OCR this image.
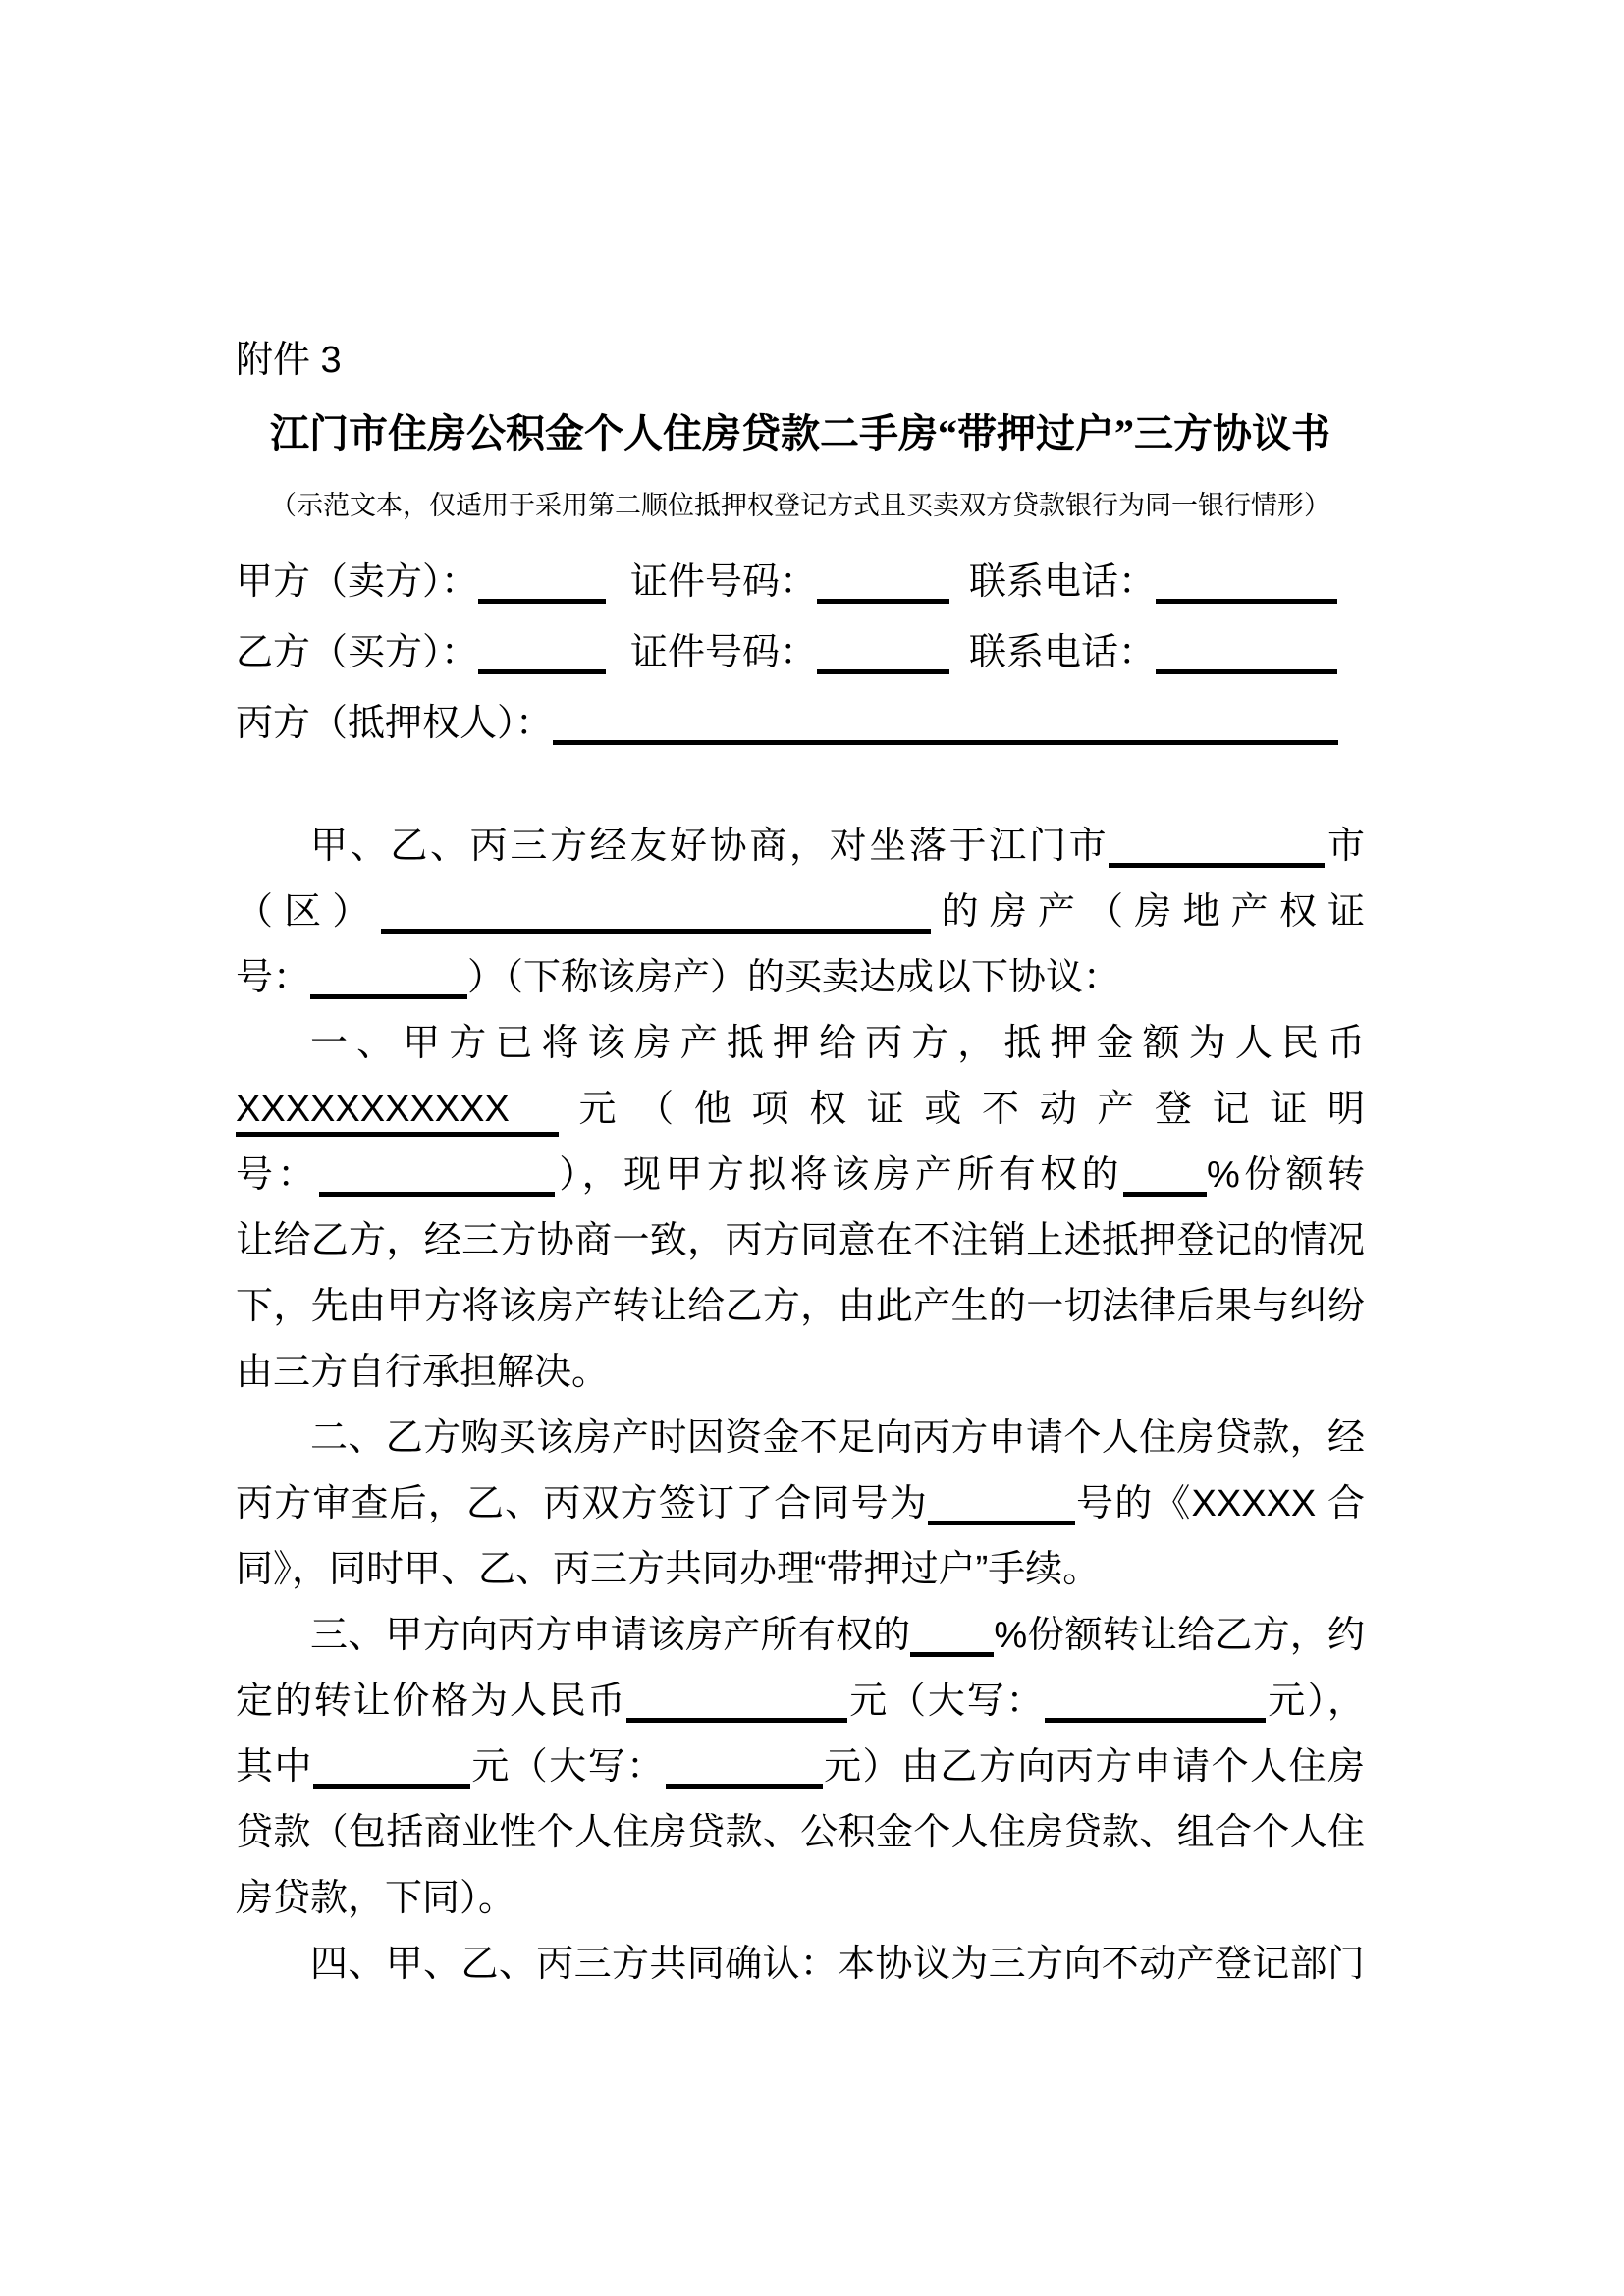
附件 3
江门市住房公积金个人住房贷款二手房“带押过户”三方协议书
（示范文本，仅适用于采用第二顺位抵押权登记方式且买卖双方贷款银行为同一银行情形）
甲方（卖方）：	证件号码：	联系电话：
乙方（买方）：	证件号码：	联系电话：
丙方（抵押权人）：
甲、乙、丙三方经友好协商，对坐落于江门市	市
（区）	的房产（房地产权证
号：	）（下称该房产）的买卖达成以下协议：
一、甲方已将该房产抵押给丙方，抵押金额为人民币
XXXXXXXXXXX 元（他项权证或不动产登记证明
号：	），现甲方拟将该房产所有权的 %份额转
让给乙方，经三方协商一致，丙方同意在不注销上述抵押登记的情况
下，先由甲方将该房产转让给乙方，由此产生的一切法律后果与纠纷
由三方自行承担解决。
二、乙方购买该房产时因资金不足向丙方申请个人住房贷款，经
丙方审查后，乙、丙双方签订了合同号为	号的《XXXXX 合
同》，同时甲、乙、丙三方共同办理“带押过户”手续。
三、甲方向丙方申请该房产所有权的 %份额转让给乙方，约
定的转让价格为人民币	元（大写：	元），
其中	元（大写：	元）由乙方向丙方申请个人住房
贷款（包括商业性个人住房贷款、公积金个人住房贷款、组合个人住
房贷款，下同）。
四、甲、乙、丙三方共同确认：本协议为三方向不动产登记部门
